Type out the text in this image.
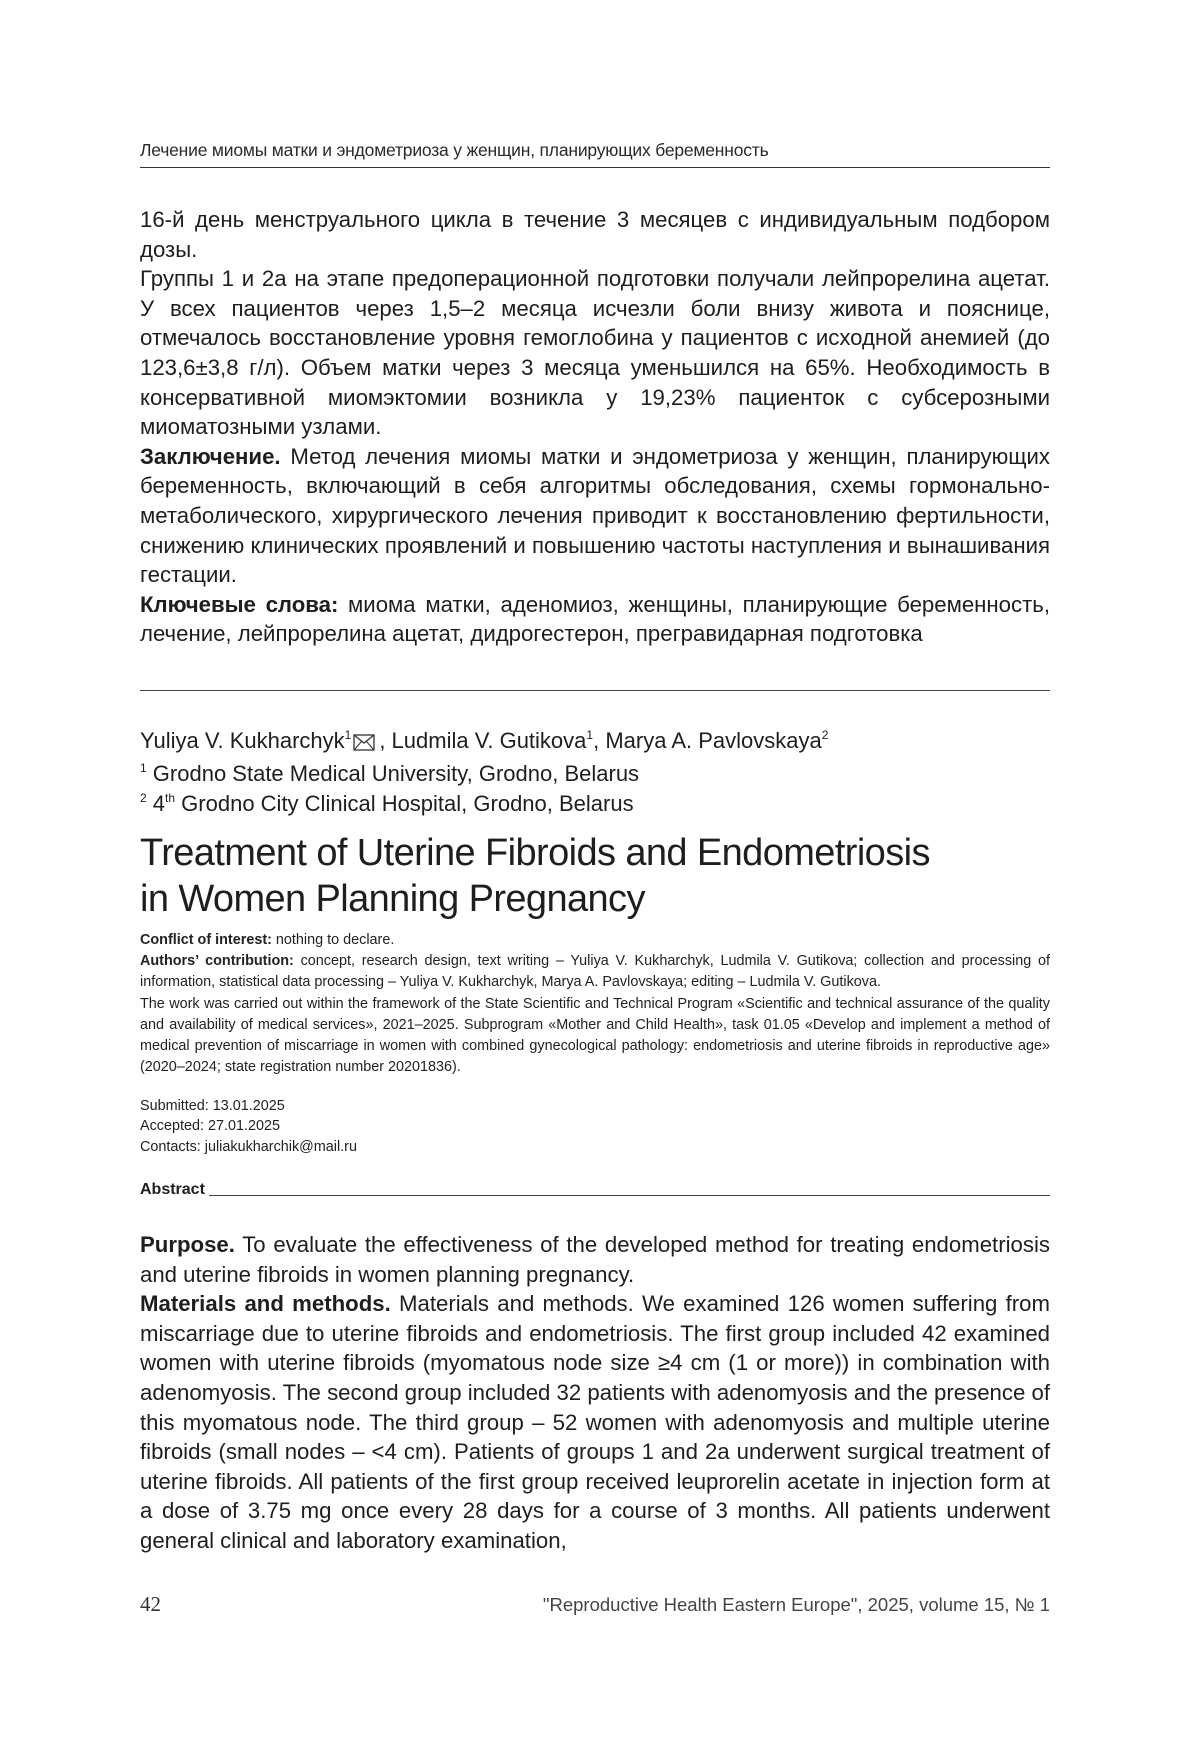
Лечение миомы матки и эндометриоза у женщин, планирующих беременность

16-й день менструального цикла в течение 3 месяцев с индивидуальным подбором дозы.

Группы 1 и 2а на этапе предоперационной подготовки получали лейпрорелина ацетат. У всех пациентов через 1,5–2 месяца исчезли боли внизу живота и пояснице, отмечалось восстановление уровня гемоглобина у пациентов с исходной анемией (до 123,6±3,8 г/л). Объем матки через 3 месяца уменьшился на 65%. Необходимость в консервативной миомэктомии возникла у 19,23% пациенток с субсерозными миоматозными узлами.

Заключение. Метод лечения миомы матки и эндометриоза у женщин, планирующих беременность, включающий в себя алгоритмы обследования, схемы гормонально-метаболического, хирургического лечения приводит к восстановлению фертильности, снижению клинических проявлений и повышению частоты наступления и вынашивания гестации.

Ключевые слова: миома матки, аденомиоз, женщины, планирующие беременность, лечение, лейпрорелина ацетат, дидрогестерон, прегравидарная подготовка

Yuliya V. Kukharchyk$^1$ , Ludmila V. Gutikova$^1$, Marya A. Pavlovskaya$^2$

$^1$ Grodno State Medical University, Grodno, Belarus

$^2$ 4th Grodno City Clinical Hospital, Grodno, Belarus

Treatment of Uterine Fibroids and Endometriosis
in Women Planning Pregnancy

Conflict of interest: nothing to declare.

Authors’ contribution: concept, research design, text writing – Yuliya V. Kukharchyk, Ludmila V. Gutikova; collection and processing of information, statistical data processing – Yuliya V. Kukharchyk, Marya A. Pavlovskaya; editing – Ludmila V. Gutikova.

The work was carried out within the framework of the State Scientific and Technical Program «Scientific and technical assurance of the quality and availability of medical services», 2021–2025. Subprogram «Mother and Child Health», task 01.05 «Develop and implement a method of medical prevention of miscarriage in women with combined gynecological pathology: endometriosis and uterine fibroids in reproductive age» (2020–2024; state registration number 20201836).

Submitted: 13.01.2025

Accepted: 27.01.2025

Contacts: juliakukharchik@mail.ru

Abstract

Purpose. To evaluate the effectiveness of the developed method for treating endometriosis and uterine fibroids in women planning pregnancy.

Materials and methods. Materials and methods. We examined 126 women suffering from miscarriage due to uterine fibroids and endometriosis. The first group included 42 examined women with uterine fibroids (myomatous node size ≥4 cm (1 or more)) in combination with adenomyosis. The second group included 32 patients with adenomyosis and the presence of this myomatous node. The third group – 52 women with adenomyosis and multiple uterine fibroids (small nodes – <4 cm). Patients of groups 1 and 2a underwent surgical treatment of uterine fibroids. All patients of the first group received leuprorelin acetate in injection form at a dose of 3.75 mg once every 28 days for a course of 3 months. All patients underwent general clinical and laboratory examination,

42	"Reproductive Health Eastern Europe", 2025, volume 15, № 1
